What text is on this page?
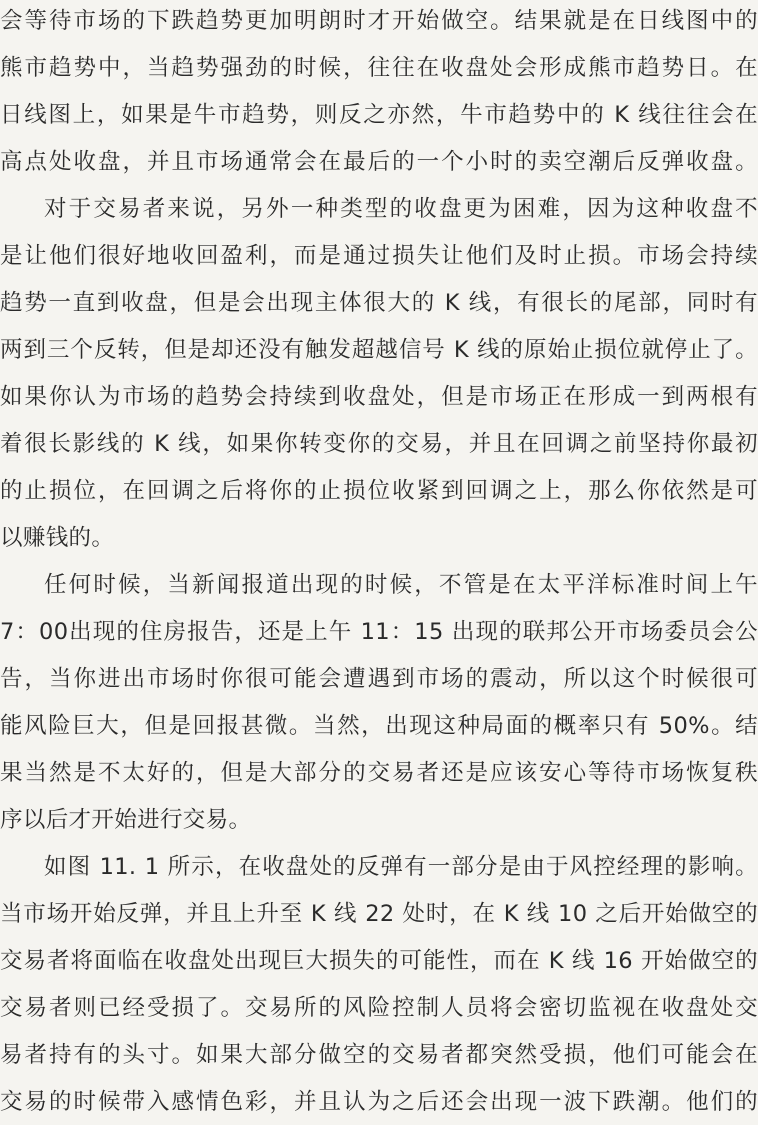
会等待市场的下跌趋势更加明朗时才开始做空。结果就是在日线图中的
熊市趋势中，当趋势强劲的时候，往往在收盘处会形成熊市趋势日。在
日线图上，如果是牛市趋势，则反之亦然，牛市趋势中的 K 线往往会在
高点处收盘，并且市场通常会在最后的一个小时的卖空潮后反弹收盘。
对于交易者来说，另外一种类型的收盘更为困难，因为这种收盘不
是让他们很好地收回盈利，而是通过损失让他们及时止损。市场会持续
趋势一直到收盘，但是会出现主体很大的 K 线，有很长的尾部，同时有
两到三个反转，但是却还没有触发超越信号 K 线的原始止损位就停止了。
如果你认为市场的趋势会持续到收盘处，但是市场正在形成一到两根有
着很长影线的 K 线，如果你转变你的交易，并且在回调之前坚持你最初
的止损位，在回调之后将你的止损位收紧到回调之上，那么你依然是可
以赚钱的。
任何时候，当新闻报道出现的时候，不管是在太平洋标准时间上午
7：00出现的住房报告，还是上午 11：15 出现的联邦公开市场委员会公
告，当你进出市场时你很可能会遭遇到市场的震动，所以这个时候很可
能风险巨大，但是回报甚微。当然，出现这种局面的概率只有 50%。结
果当然是不太好的，但是大部分的交易者还是应该安心等待市场恢复秩
序以后才开始进行交易。
如图 11. 1 所示，在收盘处的反弹有一部分是由于风控经理的影响。
当市场开始反弹，并且上升至 K 线 22 处时，在 K 线 10 之后开始做空的
交易者将面临在收盘处出现巨大损失的可能性，而在 K 线 16 开始做空的
交易者则已经受损了。交易所的风险控制人员将会密切监视在收盘处交
易者持有的头寸。如果大部分做空的交易者都突然受损，他们可能会在
交易的时候带入感情色彩，并且认为之后还会出现一波下跌潮。他们的
